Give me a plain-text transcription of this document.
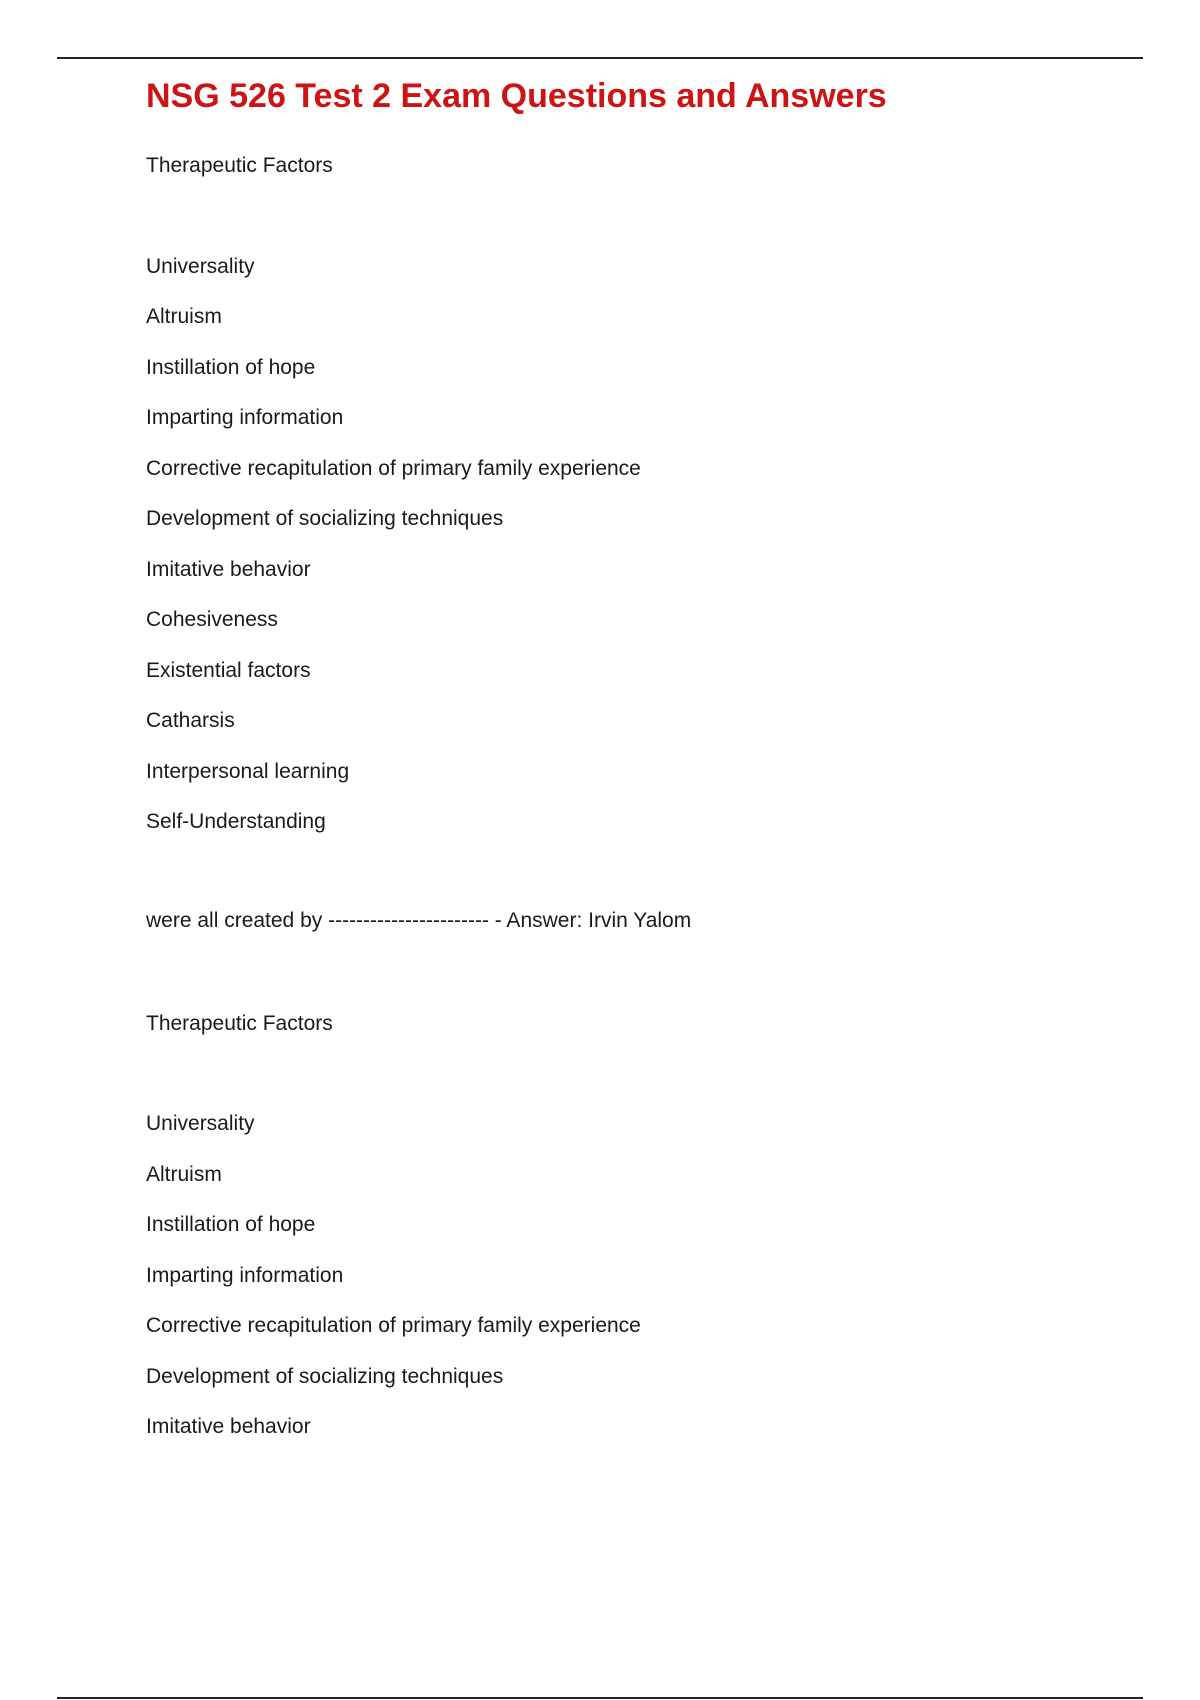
NSG 526 Test 2 Exam Questions and Answers

Therapeutic Factors

Universality

Altruism

Instillation of hope

Imparting information

Corrective recapitulation of primary family experience

Development of socializing techniques

Imitative behavior

Cohesiveness

Existential factors

Catharsis

Interpersonal learning

Self-Understanding

were all created by ----------------------- - Answer: Irvin Yalom

Therapeutic Factors

Universality

Altruism

Instillation of hope

Imparting information

Corrective recapitulation of primary family experience

Development of socializing techniques

Imitative behavior
